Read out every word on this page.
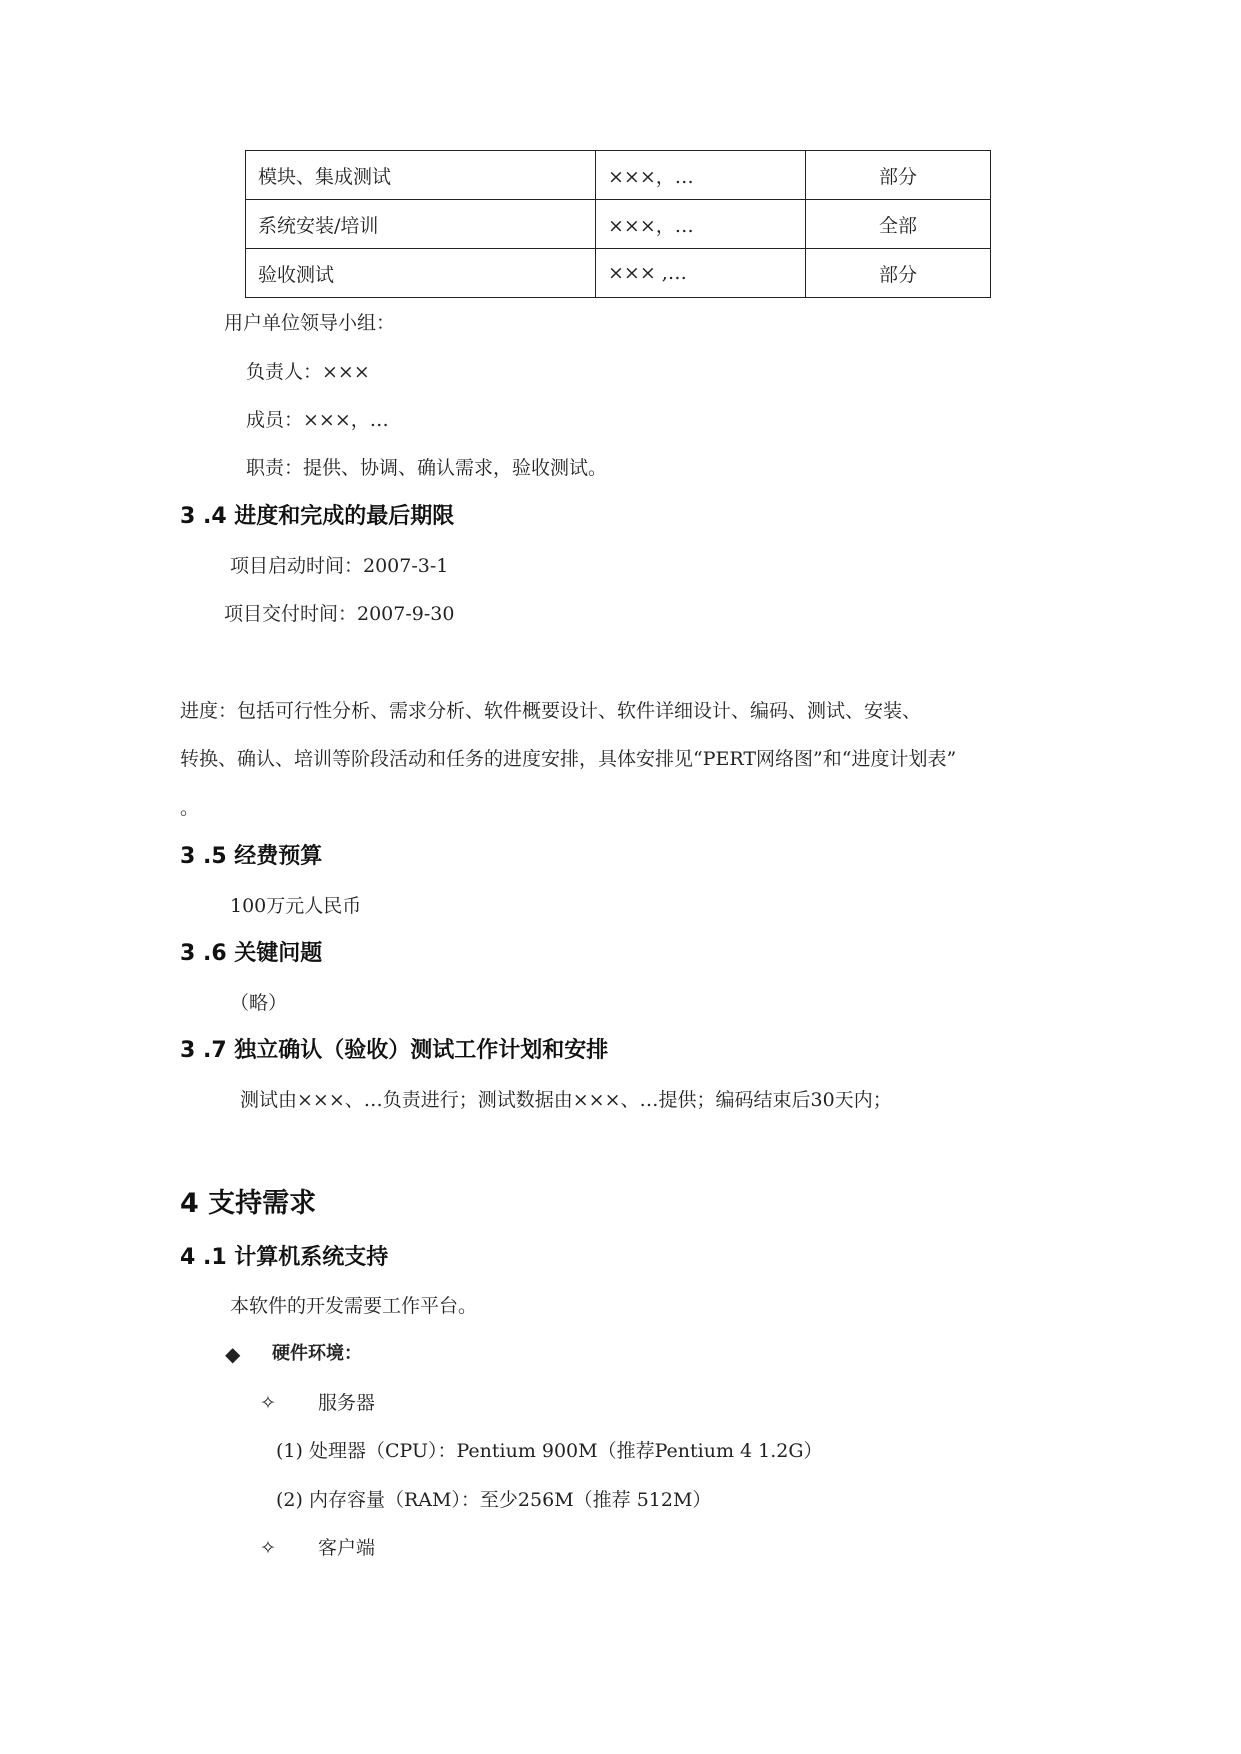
模块、集成测试	×××，…	部分
系统安装/培训	×××，…	全部
验收测试	××× ,…	部分

用户单位领导小组：

负责人：×××

成员：×××，…

职责：提供、协调、确认需求，验收测试。

3 .4 进度和完成的最后期限

项目启动时间：2007-3-1

项目交付时间：2007-9-30

进度：包括可行性分析、需求分析、软件概要设计、软件详细设计、编码、测试、安装、

转换、确认、培训等阶段活动和任务的进度安排，具体安排见“PERT网络图”和“进度计划表”

。

3 .5 经费预算

100万元人民币

3 .6 关键问题

（略）

3 .7 独立确认（验收）测试工作计划和安排

测试由×××、…负责进行；测试数据由×××、…提供；编码结束后30天内；

4 支持需求
4 .1 计算机系统支持

本软件的开发需要工作平台。

◆ 硬件环境：

✧ 服务器

(1) 处理器（CPU）：Pentium 900M（推荐Pentium 4 1.2G）

(2) 内存容量（RAM）：至少256M（推荐 512M）

✧ 客户端
